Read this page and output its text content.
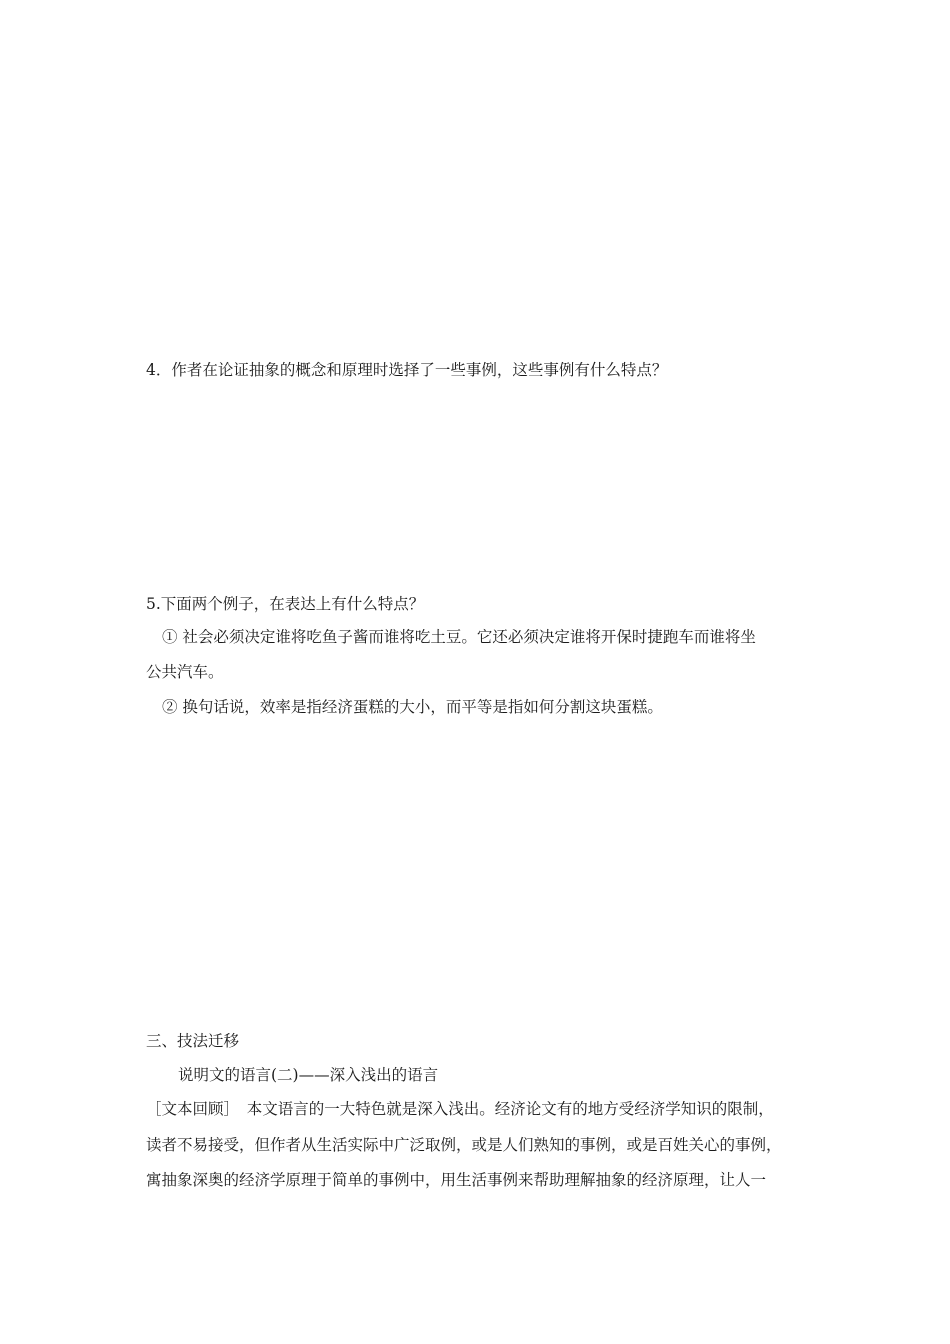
4．作者在论证抽象的概念和原理时选择了一些事例，这些事例有什么特点？
5.下面两个例子，在表达上有什么特点？
① 社会必须决定谁将吃鱼子酱而谁将吃土豆。它还必须决定谁将开保时捷跑车而谁将坐
公共汽车。
② 换句话说，效率是指经济蛋糕的大小，而平等是指如何分割这块蛋糕。
三、技法迁移
说明文的语言(二)——深入浅出的语言
［文本回顾］　本文语言的一大特色就是深入浅出。经济论文有的地方受经济学知识的限制，
读者不易接受，但作者从生活实际中广泛取例，或是人们熟知的事例，或是百姓关心的事例，
寓抽象深奥的经济学原理于简单的事例中，用生活事例来帮助理解抽象的经济原理，让人一
